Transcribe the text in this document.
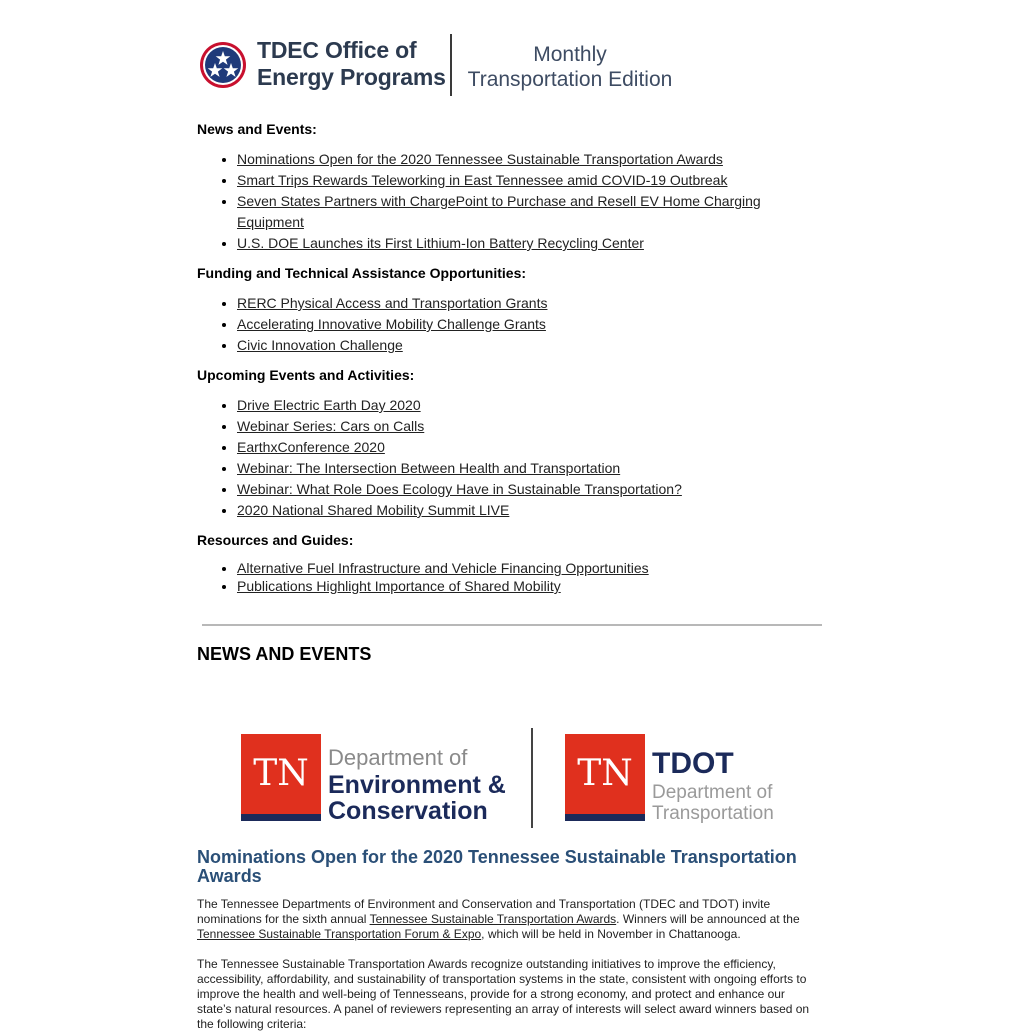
TDEC Office of
Energy Programs
Monthly
Transportation Edition
News and Events:
• Nominations Open for the 2020 Tennessee Sustainable Transportation Awards
• Smart Trips Rewards Teleworking in East Tennessee amid COVID-19 Outbreak
• Seven States Partners with ChargePoint to Purchase and Resell EV Home Charging Equipment
• U.S. DOE Launches its First Lithium-Ion Battery Recycling Center
Funding and Technical Assistance Opportunities:
• RERC Physical Access and Transportation Grants
• Accelerating Innovative Mobility Challenge Grants
• Civic Innovation Challenge
Upcoming Events and Activities:
• Drive Electric Earth Day 2020
• Webinar Series: Cars on Calls
• EarthxConference 2020
• Webinar: The Intersection Between Health and Transportation
• Webinar: What Role Does Ecology Have in Sustainable Transportation?
• 2020 National Shared Mobility Summit LIVE
Resources and Guides:
• Alternative Fuel Infrastructure and Vehicle Financing Opportunities
• Publications Highlight Importance of Shared Mobility
NEWS AND EVENTS
TN Department of
Environment &
Conservation
TN TDOT
Department of
Transportation
Nominations Open for the 2020 Tennessee Sustainable Transportation Awards
The Tennessee Departments of Environment and Conservation and Transportation (TDEC and TDOT) invite nominations for the sixth annual Tennessee Sustainable Transportation Awards. Winners will be announced at the Tennessee Sustainable Transportation Forum & Expo, which will be held in November in Chattanooga.
The Tennessee Sustainable Transportation Awards recognize outstanding initiatives to improve the efficiency, accessibility, affordability, and sustainability of transportation systems in the state, consistent with ongoing efforts to improve the health and well-being of Tennesseans, provide for a strong economy, and protect and enhance our state’s natural resources. A panel of reviewers representing an array of interests will select award winners based on the following criteria:
